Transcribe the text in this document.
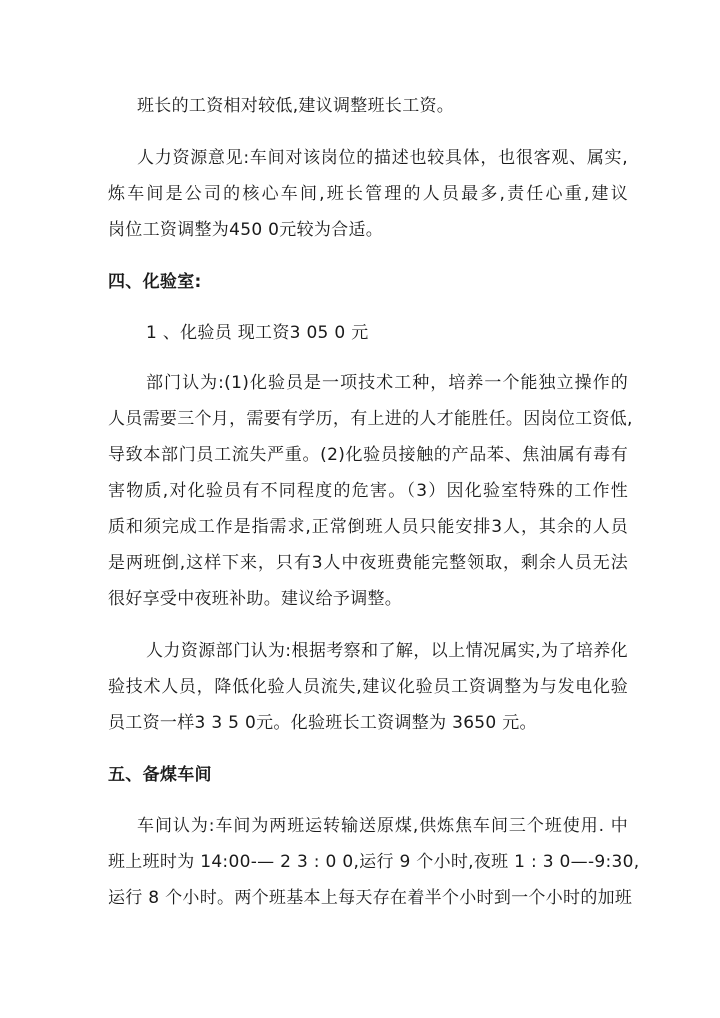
班长的工资相对较低,建议调整班长工资。
人力资源意见:车间对该岗位的描述也较具体，也很客观、属实,
炼车间是公司的核心车间,班长管理的人员最多,责任心重,建议
岗位工资调整为450 0元较为合适。
四、化验室:
1 、化验员 现工资3 05 0 元
部门认为:(1)化验员是一项技术工种，培养一个能独立操作的
人员需要三个月，需要有学历，有上进的人才能胜任。因岗位工资低,
导致本部门员工流失严重。(2)化验员接触的产品苯、焦油属有毒有
害物质,对化验员有不同程度的危害。（3）因化验室特殊的工作性
质和须完成工作是指需求,正常倒班人员只能安排3人，其余的人员
是两班倒,这样下来，只有3人中夜班费能完整领取，剩余人员无法
很好享受中夜班补助。建议给予调整。
人力资源部门认为:根据考察和了解，以上情况属实,为了培养化
验技术人员，降低化验人员流失,建议化验员工资调整为与发电化验
员工资一样3 3 5 0元。化验班长工资调整为 3650 元。
五、备煤车间
车间认为:车间为两班运转输送原煤,供炼焦车间三个班使用. 中
班上班时为 14:00-— 2 3 : 0 0,运行 9 个小时,夜班 1 : 3 0—-9:30,
运行 8 个小时。两个班基本上每天存在着半个小时到一个小时的加班
